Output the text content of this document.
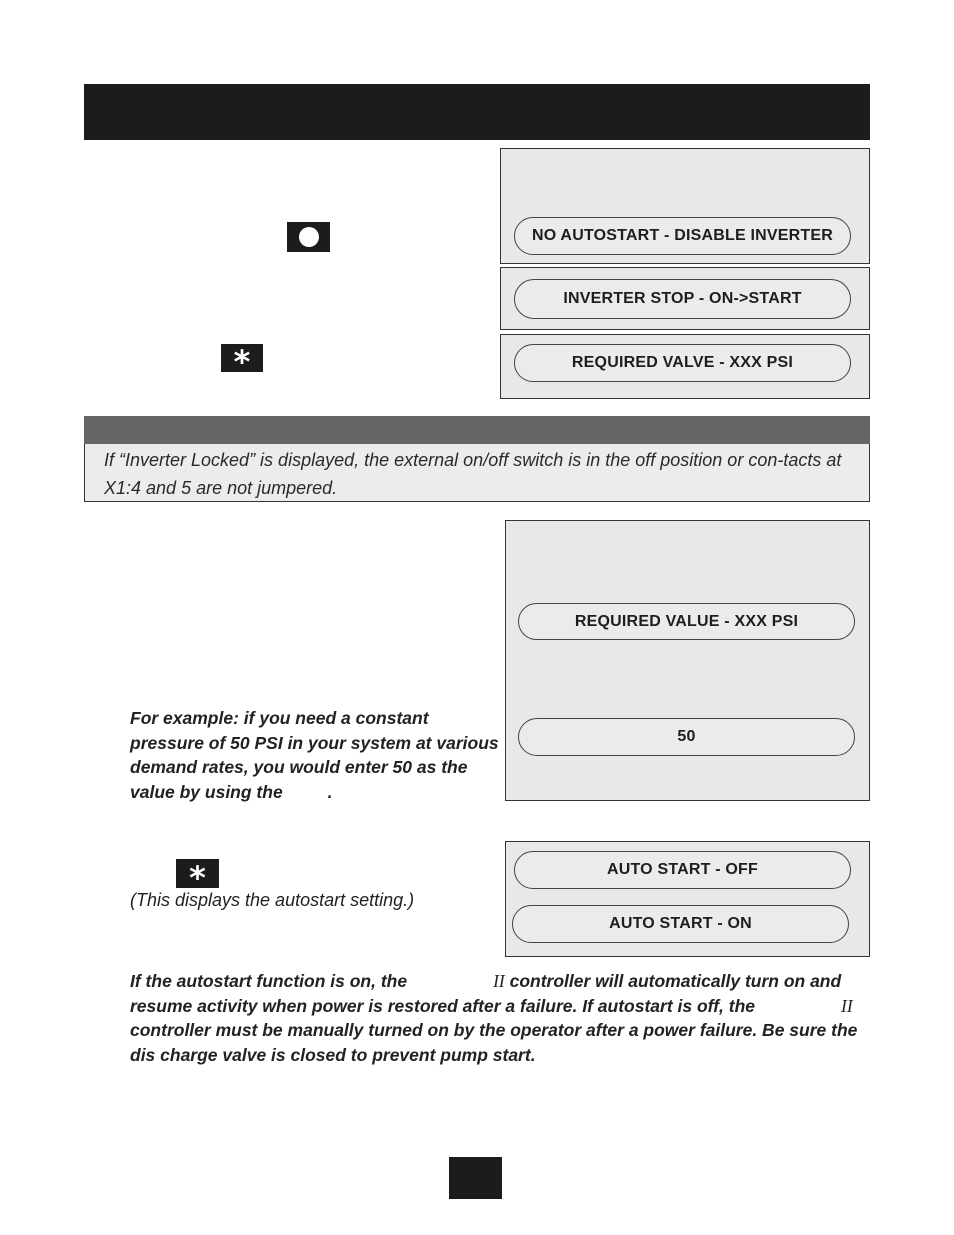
*
NO AUTOSTART - DISABLE INVERTER
INVERTER STOP - ON->START
REQUIRED VALVE - XXX PSI
If “Inverter Locked” is displayed, the external on/off switch is in the off position or con-tacts at X1:4 and 5 are not jumpered.
REQUIRED VALUE - XXX PSI
50
For example: if you need a constant pressure of 50 PSI in your system at various demand rates, you would enter 50 as the value by using the	.
*
(This displays the autostart setting.)
AUTO START - OFF
AUTO START - ON
If the autostart function is on, the	II controller will automatically turn on and resume activity when power is restored after a failure. If autostart is off, the	II controller must be manually turned on by the operator after a power failure. Be sure the dis charge valve is closed to prevent pump start.
